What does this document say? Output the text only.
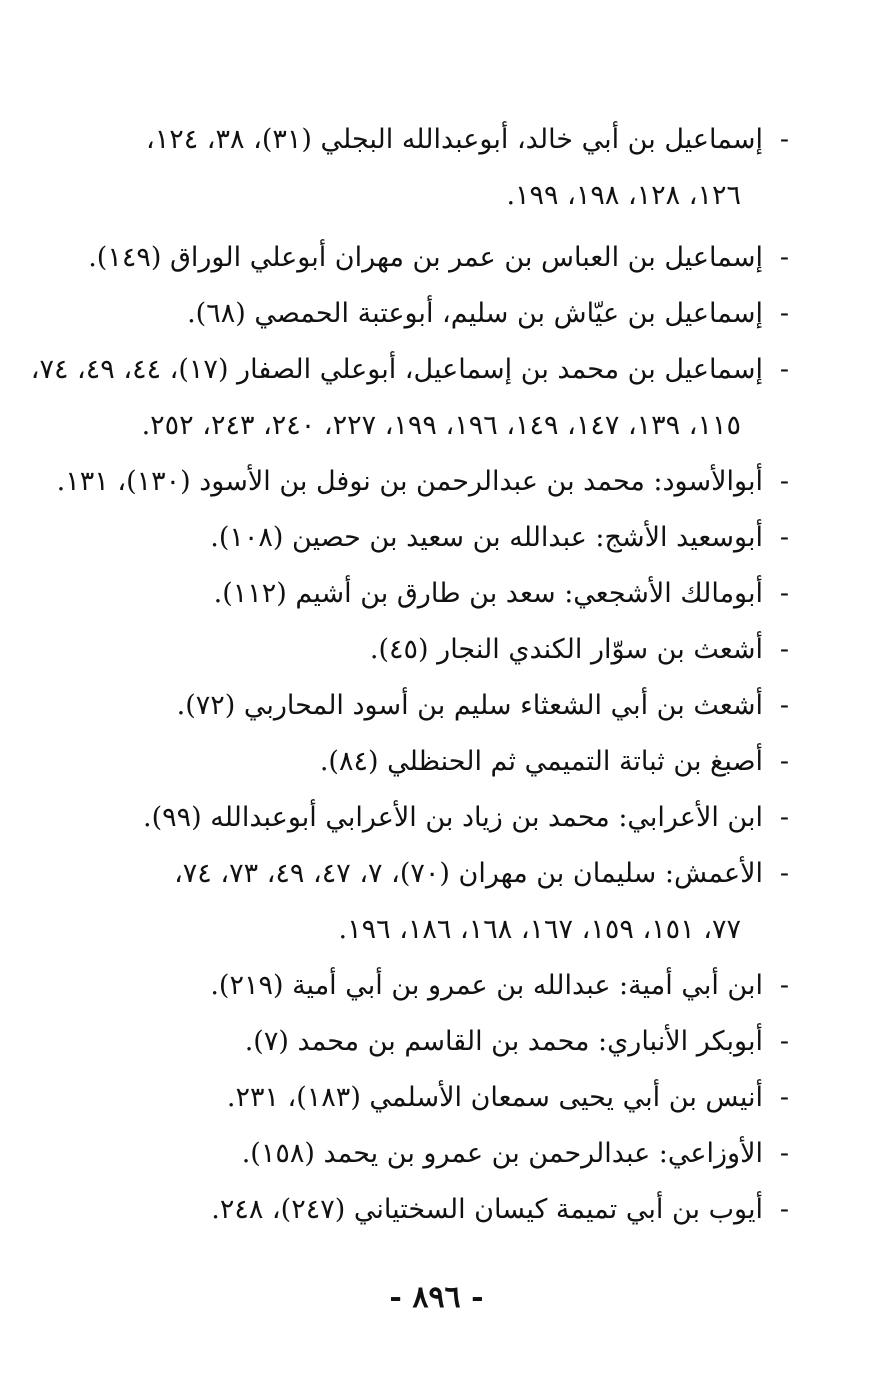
-
إسماعيل بن أبي خالد، أبوعبدالله البجلي (٣١)، ٣٨، ١٢٤،
١٢٦، ١٢٨، ١٩٨، ١٩٩.
-
إسماعيل بن العباس بن عمر بن مهران أبوعلي الوراق (١٤٩).
-
إسماعيل بن عيّاش بن سليم، أبوعتبة الحمصي (٦٨).
-
إسماعيل بن محمد بن إسماعيل، أبوعلي الصفار (١٧)، ٤٤، ٤٩، ٧٤،
١١٥، ١٣٩، ١٤٧، ١٤٩، ١٩٦، ١٩٩، ٢٢٧، ٢٤٠، ٢٤٣، ٢٥٢.
-
أبوالأسود: محمد بن عبدالرحمن بن نوفل بن الأسود (١٣٠)، ١٣١.
-
أبوسعيد الأشج: عبدالله بن سعيد بن حصين (١٠٨).
-
أبومالك الأشجعي: سعد بن طارق بن أشيم (١١٢).
-
أشعث بن سوّار الكندي النجار (٤٥).
-
أشعث بن أبي الشعثاء سليم بن أسود المحاربي (٧٢).
-
أصبغ بن ثباتة التميمي ثم الحنظلي (٨٤).
-
ابن الأعرابي: محمد بن زياد بن الأعرابي أبوعبدالله (٩٩).
-
الأعمش: سليمان بن مهران (٧٠)، ٧، ٤٧، ٤٩، ٧٣، ٧٤،
٧٧، ١٥١، ١٥٩، ١٦٧، ١٦٨، ١٨٦، ١٩٦.
-
ابن أبي أمية: عبدالله بن عمرو بن أبي أمية (٢١٩).
-
أبوبكر الأنباري: محمد بن القاسم بن محمد (٧).
-
أنيس بن أبي يحيى سمعان الأسلمي (١٨٣)، ٢٣١.
-
الأوزاعي: عبدالرحمن بن عمرو بن يحمد (١٥٨).
-
أيوب بن أبي تميمة كيسان السختياني (٢٤٧)، ٢٤٨.
- ٨٩٦ -
